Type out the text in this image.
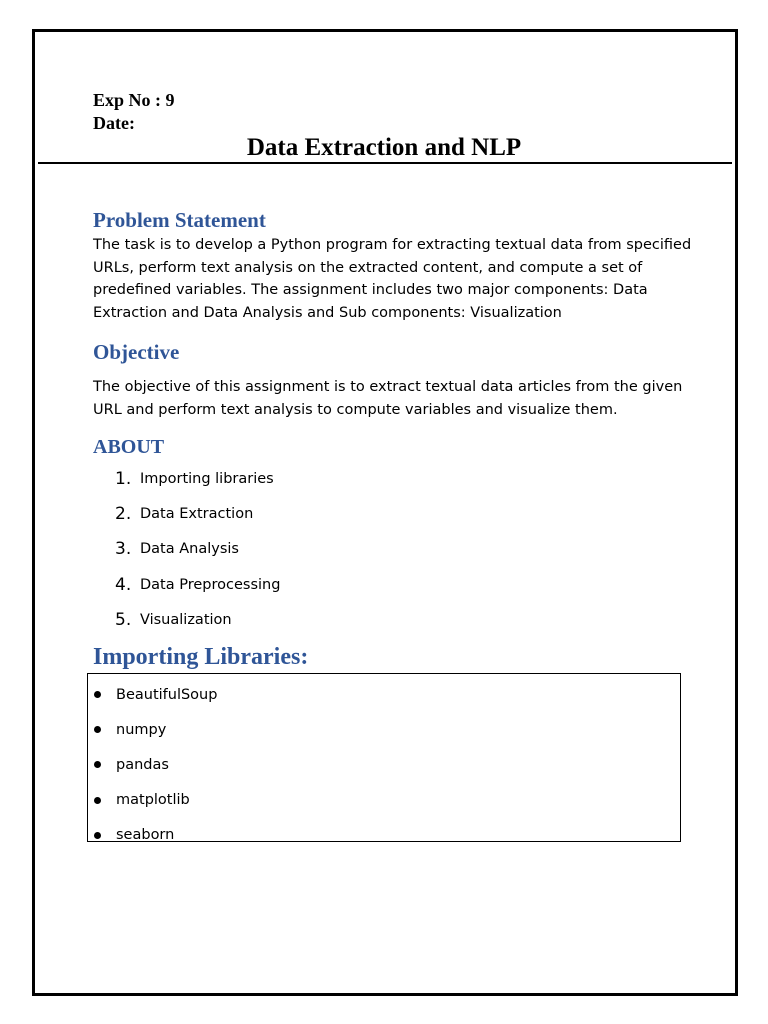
Exp No : 9
Date:
Data Extraction and NLP
Problem Statement

The task is to develop a Python program for extracting textual data from specified URLs, perform text analysis on the extracted content, and compute a set of predefined variables. The assignment includes two major components: Data Extraction and Data Analysis and Sub components: Visualization

Objective

The objective of this assignment is to extract textual data articles from the given URL and perform text analysis to compute variables and visualize them.

ABOUT
1. Importing libraries
2. Data Extraction
3. Data Analysis
4. Data Preprocessing
5. Visualization
Importing Libraries:
BeautifulSoup
numpy
pandas
matplotlib
seaborn
